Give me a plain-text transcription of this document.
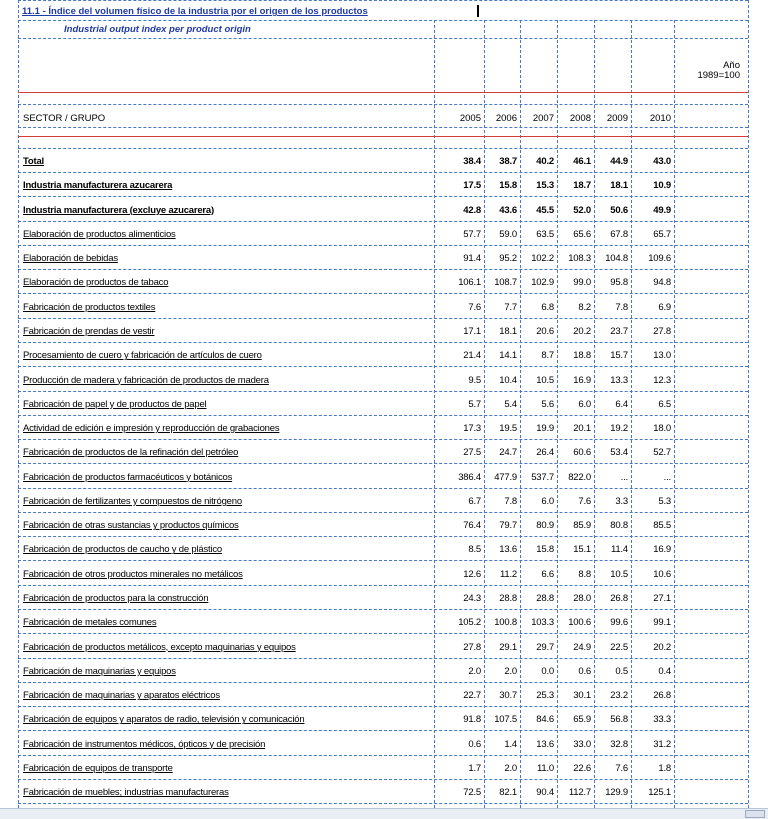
11.1 - Índice del volumen físico de la industria por el origen de los productos
Industrial output index per product origin
Año
1989=100
SECTOR / GRUPO	2005	2006	2007	2008	2009	2010
Total	38.4	38.7	40.2	46.1	44.9	43.0
Industria manufacturera azucarera	17.5	15.8	15.3	18.7	18.1	10.9
Industria manufacturera (excluye azucarera)	42.8	43.6	45.5	52.0	50.6	49.9
Elaboración de productos alimenticios	57.7	59.0	63.5	65.6	67.8	65.7
Elaboración de bebidas	91.4	95.2	102.2	108.3	104.8	109.6
Elaboración de productos de tabaco	106.1	108.7	102.9	99.0	95.8	94.8
Fabricación de productos textiles	7.6	7.7	6.8	8.2	7.8	6.9
Fabricación de prendas de vestir	17.1	18.1	20.6	20.2	23.7	27.8
Procesamiento de cuero y fabricación de artículos de cuero	21.4	14.1	8.7	18.8	15.7	13.0
Producción de madera y fabricación de productos de madera	9.5	10.4	10.5	16.9	13.3	12.3
Fabricación de papel y de productos de papel	5.7	5.4	5.6	6.0	6.4	6.5
Actividad de edición e impresión y reproducción de grabaciones	17.3	19.5	19.9	20.1	19.2	18.0
Fabricación de productos de la refinación del petróleo	27.5	24.7	26.4	60.6	53.4	52.7
Fabricación de productos farmacéuticos y botánicos	386.4	477.9	537.7	822.0	...	...
Fabricación de fertilizantes y compuestos de nitrógeno	6.7	7.8	6.0	7.6	3.3	5.3
Fabricación de otras sustancias y productos químicos	76.4	79.7	80.9	85.9	80.8	85.5
Fabricación de productos de caucho y de plástico	8.5	13.6	15.8	15.1	11.4	16.9
Fabricación de otros productos minerales no metálicos	12.6	11.2	6.6	8.8	10.5	10.6
Fabricación de productos para la construcción	24.3	28.8	28.8	28.0	26.8	27.1
Fabricación de metales comunes	105.2	100.8	103.3	100.6	99.6	99.1
Fabricación de productos metálicos, excepto maquinarias y equipos	27.8	29.1	29.7	24.9	22.5	20.2
Fabricación de maquinarias y equipos	2.0	2.0	0.0	0.6	0.5	0.4
Fabricación de maquinarias y aparatos eléctricos	22.7	30.7	25.3	30.1	23.2	26.8
Fabricación de equipos y aparatos de radio, televisión y comunicación	91.8	107.5	84.6	65.9	56.8	33.3
Fabricación de instrumentos médicos, ópticos y de precisión	0.6	1.4	13.6	33.0	32.8	31.2
Fabricación de equipos de transporte	1.7	2.0	11.0	22.6	7.6	1.8
Fabricación de muebles; industrias manufactureras	72.5	82.1	90.4	112.7	129.9	125.1
